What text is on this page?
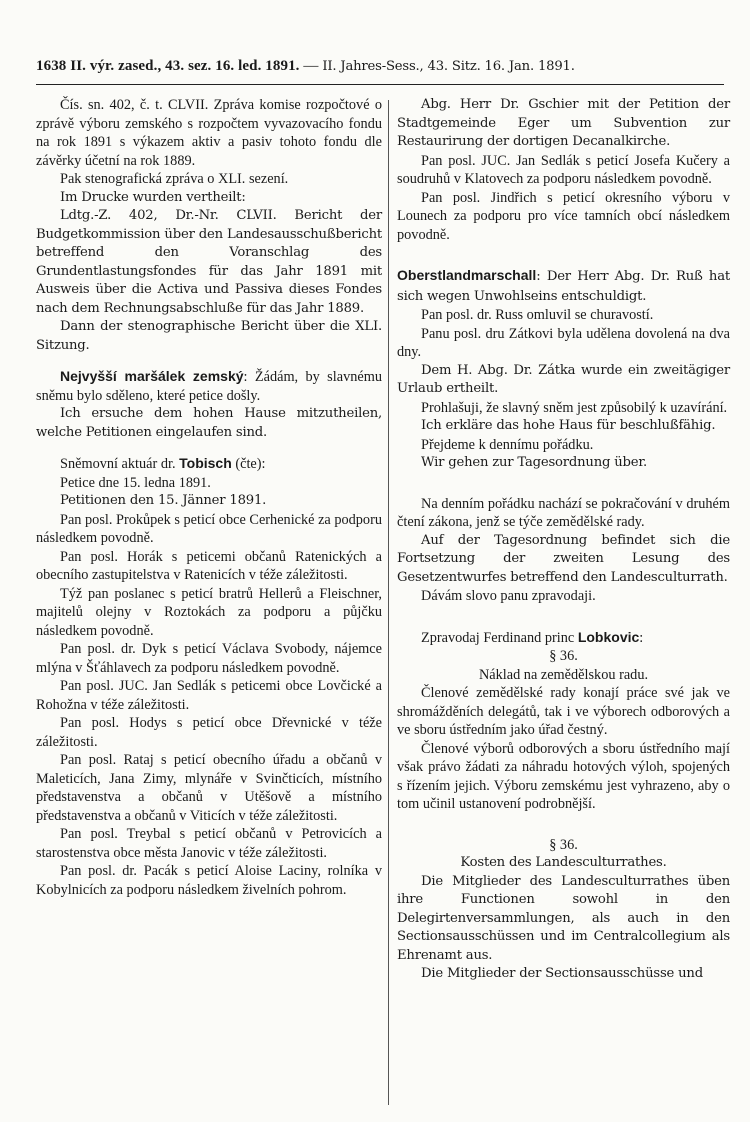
1638 II. výr. zased., 43. sez. 16. led. 1891. — II. Jahres-Sess., 43. Sitz. 16. Jan. 1891.

Čís. sn. 402, č. t. CLVII. Zpráva komise rozpočtové o zprávě výboru zemského s rozpočtem vyvazovacího fondu na rok 1891 s výkazem aktiv a pasiv tohoto fondu dle závěrky účetní na rok 1889.

Pak stenografická zpráva o XLI. sezení.

Im Drucke wurden vertheilt:

Ldtg.-Z. 402, Dr.-Nr. CLVII. Bericht der Budgetkommission über den Landesausschußbericht betreffend den Voranschlag des Grundentlastungsfondes für das Jahr 1891 mit Ausweis über die Activa und Passiva dieses Fondes nach dem Rechnungsabschluße für das Jahr 1889.

Dann der stenographische Bericht über die XLI. Sitzung.

Nejvyšší maršálek zemský: Žádám, by slavnému sněmu bylo sděleno, které petice došly.

Ich ersuche dem hohen Hause mitzutheilen, welche Petitionen eingelaufen sind.

Sněmovní aktuár dr. Tobisch (čte):

Petice dne 15. ledna 1891.

Petitionen den 15. Jänner 1891.

Pan posl. Prokůpek s peticí obce Cerhenické za podporu následkem povodně.

Pan posl. Horák s peticemi občanů Ratenických a obecního zastupitelstva v Ratenicích v téže záležitosti.

Týž pan poslanec s peticí bratrů Hellerů a Fleischner, majitelů olejny v Roztokách za podporu a půjčku následkem povodně.

Pan posl. dr. Dyk s peticí Václava Svobody, nájemce mlýna v Šťáhlavech za podporu následkem povodně.

Pan posl. JUC. Jan Sedlák s peticemi obce Lovčické a Rohožna v téže záležitosti.

Pan posl. Hodys s peticí obce Dřevnické v téže záležitosti.

Pan posl. Rataj s peticí obecního úřadu a občanů v Maleticích, Jana Zimy, mlynáře v Svinčticích, místního představenstva a občanů v Utěšově a místního představenstva a občanů v Viticích v téže záležitosti.

Pan posl. Treybal s peticí občanů v Petrovicích a starostenstva obce města Janovic v téže záležitosti.

Pan posl. dr. Pacák s peticí Aloise Laciny, rolníka v Kobylnicích za podporu následkem živelních pohrom.

Abg. Herr Dr. Gschier mit der Petition der Stadtgemeinde Eger um Subvention zur Restaurirung der dortigen Decanalkirche.

Pan posl. JUC. Jan Sedlák s peticí Josefa Kučery a soudruhů v Klatovech za podporu následkem povodně.

Pan posl. Jindřich s peticí okresního výboru v Lounech za podporu pro více tamních obcí následkem povodně.

Oberstlandmarschall: Der Herr Abg. Dr. Ruß hat sich wegen Unwohlseins entschuldigt.

Pan posl. dr. Russ omluvil se churavostí.

Panu posl. dru Zátkovi byla udělena dovolená na dva dny.

Dem H. Abg. Dr. Zátka wurde ein zweitägiger Urlaub ertheilt.

Prohlašuji, že slavný sněm jest způsobilý k uzavírání.

Ich erkläre das hohe Haus für beschlußfähig.

Přejdeme k dennímu pořádku.

Wir gehen zur Tagesordnung über.

Na denním pořádku nachází se pokračování v druhém čtení zákona, jenž se týče zemědělské rady.

Auf der Tagesordnung befindet sich die Fortsetzung der zweiten Lesung des Gesetzentwurfes betreffend den Landesculturrath.

Dávám slovo panu zpravodaji.

Zpravodaj Ferdinand princ Lobkovic:

§ 36.

Náklad na zemědělskou radu.

Členové zemědělské rady konají práce své jak ve shromážděních delegátů, tak i ve výborech odborových a ve sboru ústředním jako úřad čestný.

Členové výborů odborových a sboru ústředního mají však právo žádati za náhradu hotových výloh, spojených s řízením jejich. Výboru zemskému jest vyhrazeno, aby o tom učinil ustanovení podrobnější.

§ 36.

Kosten des Landesculturrathes.

Die Mitglieder des Landesculturrathes üben ihre Functionen sowohl in den Delegirtenversammlungen, als auch in den Sectionsausschüssen und im Centralcollegium als Ehrenamt aus.

Die Mitglieder der Sectionsausschüsse und
